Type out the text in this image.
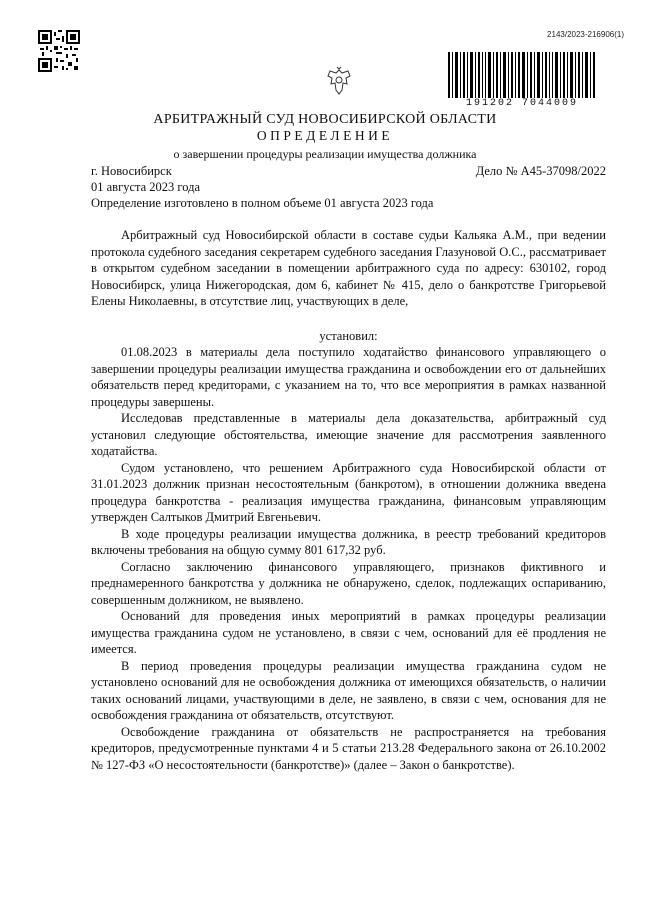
2143/2023-216906(1)
191202 7044009
АРБИТРАЖНЫЙ СУД НОВОСИБИРСКОЙ ОБЛАСТИ
ОПРЕДЕЛЕНИЕ
о завершении процедуры реализации имущества должника
г. Новосибирск	Дело № А45-37098/2022
01 августа 2023 года
Определение изготовлено в полном объеме 01 августа 2023 года

Арбитражный суд Новосибирской области в составе судьи Кальяка А.М., при ведении протокола судебного заседания секретарем судебного заседания Глазуновой О.С., рассматривает в открытом судебном заседании в помещении арбитражного суда по адресу: 630102, город Новосибирск, улица Нижегородская, дом 6, кабинет № 415, дело о банкротстве Григорьевой Елены Николаевны, в отсутствие лиц, участвующих в деле,

установил:

01.08.2023 в материалы дела поступило ходатайство финансового управляющего о завершении процедуры реализации имущества гражданина и освобождении его от дальнейших обязательств перед кредиторами, с указанием на то, что все мероприятия в рамках названной процедуры завершены.

Исследовав представленные в материалы дела доказательства, арбитражный суд установил следующие обстоятельства, имеющие значение для рассмотрения заявленного ходатайства.

Судом установлено, что решением Арбитражного суда Новосибирской области от 31.01.2023 должник признан несостоятельным (банкротом), в отношении должника введена процедура банкротства - реализация имущества гражданина, финансовым управляющим утвержден Салтыков Дмитрий Евгеньевич.

В ходе процедуры реализации имущества должника, в реестр требований кредиторов включены требования на общую сумму 801 617,32 руб.

Согласно заключению финансового управляющего, признаков фиктивного и преднамеренного банкротства у должника не обнаружено, сделок, подлежащих оспариванию, совершенным должником, не выявлено.

Оснований для проведения иных мероприятий в рамках процедуры реализации имущества гражданина судом не установлено, в связи с чем, оснований для её продления не имеется.

В период проведения процедуры реализации имущества гражданина судом не установлено оснований для не освобождения должника от имеющихся обязательств, о наличии таких оснований лицами, участвующими в деле, не заявлено, в связи с чем, основания для не освобождения гражданина от обязательств, отсутствуют.

Освобождение гражданина от обязательств не распространяется на требования кредиторов, предусмотренные пунктами 4 и 5 статьи 213.28 Федерального закона от 26.10.2002 № 127-ФЗ «О несостоятельности (банкротстве)» (далее – Закон о банкротстве).
